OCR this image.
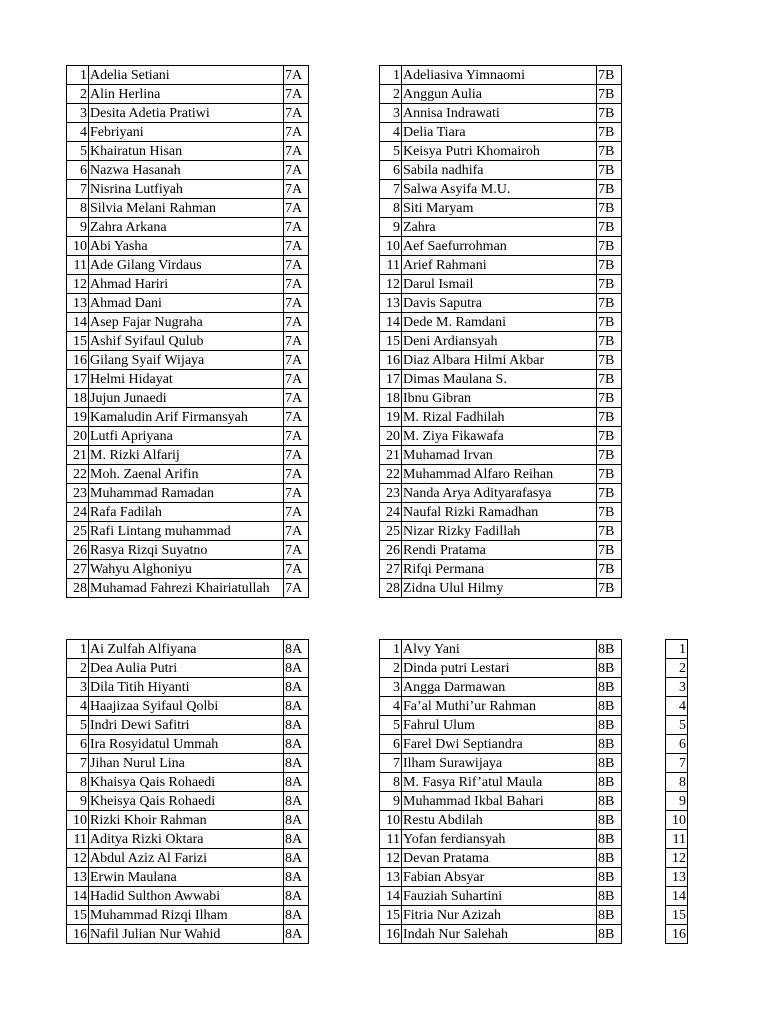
1	Adelia Setiani	7A
2	Alin Herlina	7A
3	Desita Adetia Pratiwi	7A
4	Febriyani	7A
5	Khairatun Hisan	7A
6	Nazwa Hasanah	7A
7	Nisrina Lutfiyah	7A
8	Silvia Melani Rahman	7A
9	Zahra Arkana	7A
10	Abi Yasha	7A
11	Ade Gilang Virdaus	7A
12	Ahmad Hariri	7A
13	Ahmad Dani	7A
14	Asep Fajar Nugraha	7A
15	Ashif Syifaul Qulub	7A
16	Gilang Syaif Wijaya	7A
17	Helmi Hidayat	7A
18	Jujun Junaedi	7A
19	Kamaludin Arif Firmansyah	7A
20	Lutfi Apriyana	7A
21	M. Rizki Alfarij	7A
22	Moh. Zaenal Arifin	7A
23	Muhammad Ramadan	7A
24	Rafa Fadilah	7A
25	Rafi Lintang muhammad	7A
26	Rasya Rizqi Suyatno	7A
27	Wahyu Alghoniyu	7A
28	Muhamad Fahrezi Khairiatullah	7A
1	Adeliasiva Yimnaomi	7B
2	Anggun Aulia	7B
3	Annisa Indrawati	7B
4	Delia Tiara	7B
5	Keisya Putri Khomairoh	7B
6	Sabila nadhifa	7B
7	Salwa Asyifa M.U.	7B
8	Siti Maryam	7B
9	Zahra	7B
10	Aef Saefurrohman	7B
11	Arief Rahmani	7B
12	Darul Ismail	7B
13	Davis Saputra	7B
14	Dede M. Ramdani	7B
15	Deni Ardiansyah	7B
16	Diaz Albara Hilmi Akbar	7B
17	Dimas Maulana S.	7B
18	Ibnu Gibran	7B
19	M. Rizal Fadhilah	7B
20	M. Ziya Fikawafa	7B
21	Muhamad Irvan	7B
22	Muhammad Alfaro Reihan	7B
23	Nanda Arya Adityarafasya	7B
24	Naufal Rizki Ramadhan	7B
25	Nizar Rizky Fadillah	7B
26	Rendi Pratama	7B
27	Rifqi Permana	7B
28	Zidna Ulul Hilmy	7B
1	Ai Zulfah Alfiyana	8A
2	Dea Aulia Putri	8A
3	Dila Titih Hiyanti	8A
4	Haajizaa Syifaul Qolbi	8A
5	Indri Dewi Safitri	8A
6	Ira Rosyidatul Ummah	8A
7	Jihan Nurul Lina	8A
8	Khaisya Qais Rohaedi	8A
9	Kheisya Qais Rohaedi	8A
10	Rizki Khoir Rahman	8A
11	Aditya Rizki Oktara	8A
12	Abdul Aziz Al Farizi	8A
13	Erwin Maulana	8A
14	Hadid Sulthon Awwabi	8A
15	Muhammad Rizqi Ilham	8A
16	Nafil Julian Nur Wahid	8A
1	Alvy Yani	8B
2	Dinda putri Lestari	8B
3	Angga Darmawan	8B
4	Fa’al Muthi’ur Rahman	8B
5	Fahrul Ulum	8B
6	Farel Dwi Septiandra	8B
7	Ilham Surawijaya	8B
8	M. Fasya Rif’atul Maula	8B
9	Muhammad Ikbal Bahari	8B
10	Restu Abdilah	8B
11	Yofan ferdiansyah	8B
12	Devan Pratama	8B
13	Fabian Absyar	8B
14	Fauziah Suhartini	8B
15	Fitria Nur Azizah	8B
16	Indah Nur Salehah	8B
1
2
3
4
5
6
7
8
9
10
11
12
13
14
15
16
